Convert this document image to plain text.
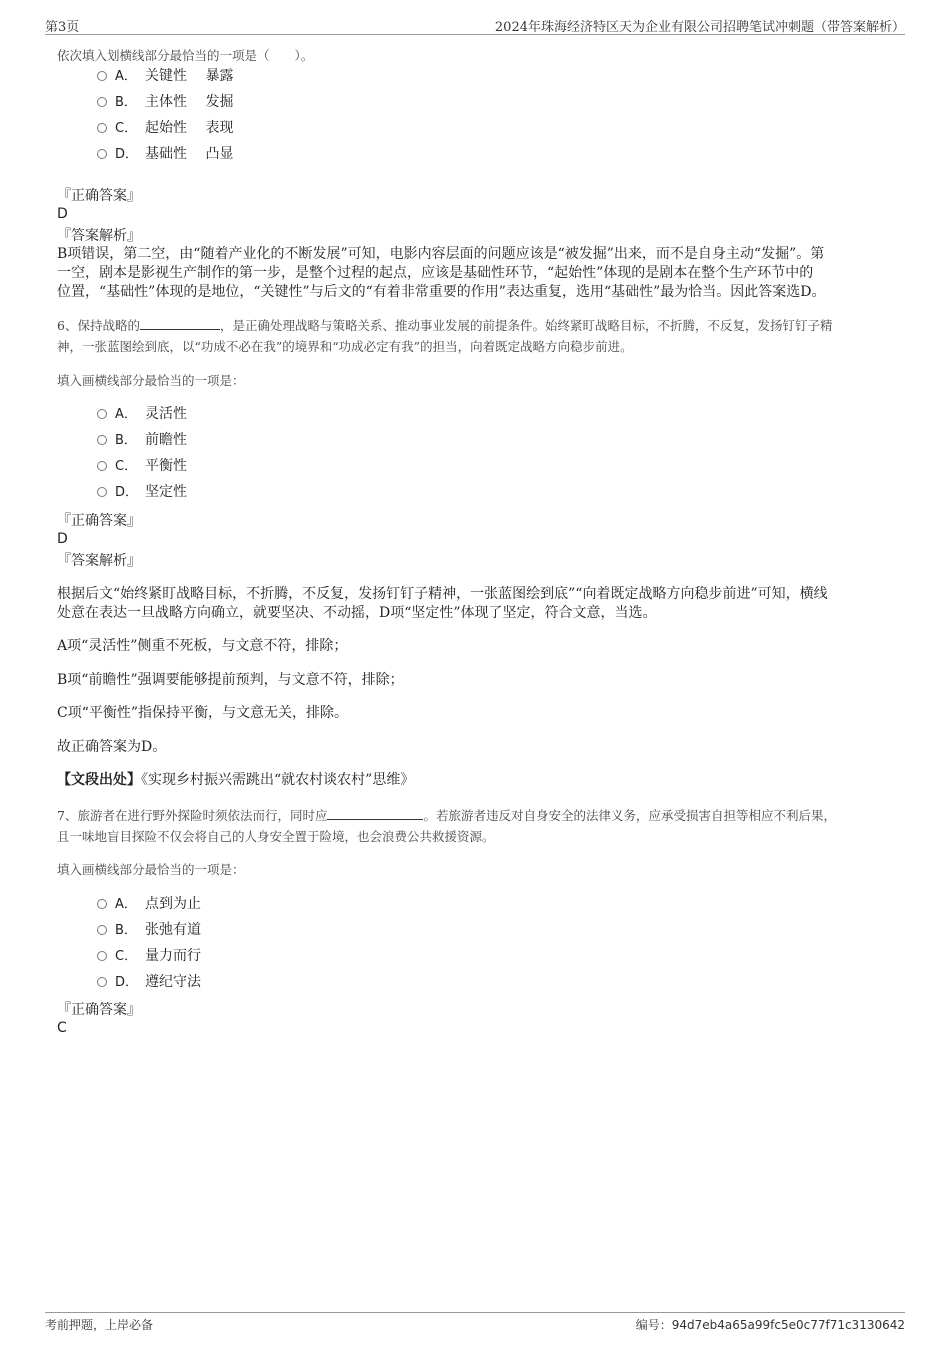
第3页	2024年珠海经济特区天为企业有限公司招聘笔试冲刺题（带答案解析）
依次填入划横线部分最恰当的一项是（　　）。
A． 关键性　 暴露
B． 主体性　 发掘
C． 起始性　 表现
D． 基础性　 凸显
『正确答案』
D
『答案解析』
B项错误，第二空，由“随着产业化的不断发展”可知，电影内容层面的问题应该是“被发掘”出来，而不是自身主动“发掘”。第
一空，剧本是影视生产制作的第一步，是整个过程的起点，应该是基础性环节，“起始性”体现的是剧本在整个生产环节中的
位置，“基础性”体现的是地位，“关键性”与后文的“有着非常重要的作用”表达重复，选用“基础性”最为恰当。因此答案选D。
6、保持战略的	，是正确处理战略与策略关系、推动事业发展的前提条件。始终紧盯战略目标，不折腾，不反复，发扬钉钉子精
神，一张蓝图绘到底，以“功成不必在我”的境界和“功成必定有我”的担当，向着既定战略方向稳步前进。
填入画横线部分最恰当的一项是：
A． 灵活性
B． 前瞻性
C． 平衡性
D． 坚定性
『正确答案』
D
『答案解析』
根据后文“始终紧盯战略目标，不折腾，不反复，发扬钉钉子精神，一张蓝图绘到底”“向着既定战略方向稳步前进”可知，横线
处意在表达一旦战略方向确立，就要坚决、不动摇，D项“坚定性”体现了坚定，符合文意，当选。
A项“灵活性”侧重不死板，与文意不符，排除；
B项“前瞻性”强调要能够提前预判，与文意不符，排除；
C项“平衡性”指保持平衡，与文意无关，排除。
故正确答案为D。
【文段出处】《实现乡村振兴需跳出“就农村谈农村”思维》
7、旅游者在进行野外探险时须依法而行，同时应	。若旅游者违反对自身安全的法律义务，应承受损害自担等相应不利后果，
且一味地盲目探险不仅会将自己的人身安全置于险境，也会浪费公共救援资源。
填入画横线部分最恰当的一项是：
A． 点到为止
B． 张弛有道
C． 量力而行
D． 遵纪守法
『正确答案』
C
考前押题，上岸必备	编号：94d7eb4a65a99fc5e0c77f71c3130642
